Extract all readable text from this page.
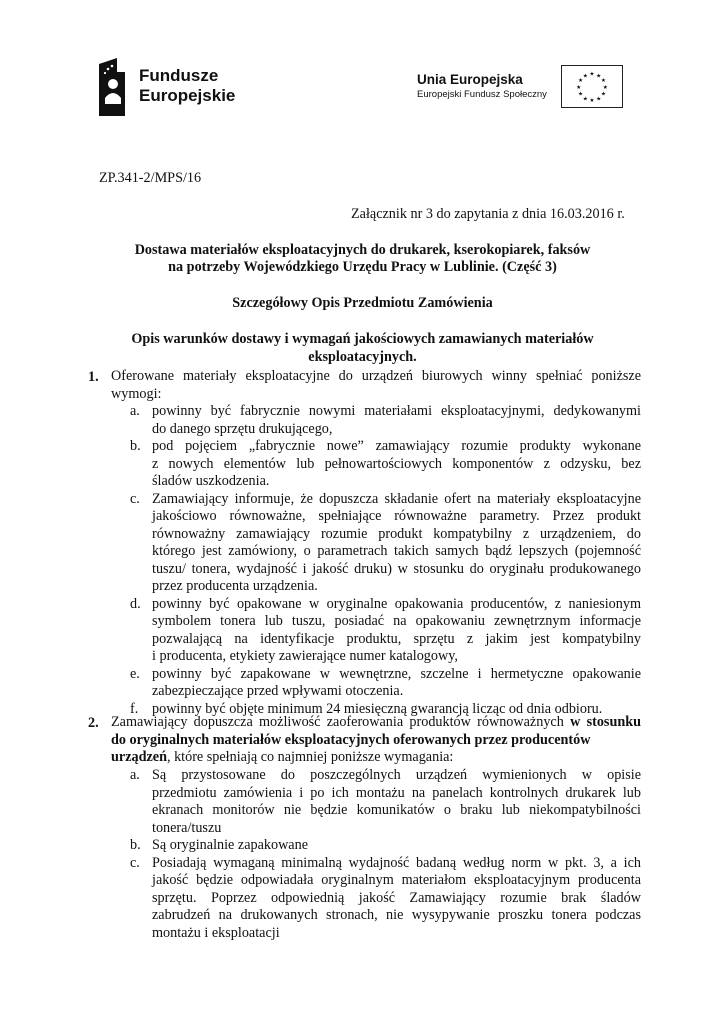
Fundusze
Europejskie
Unia Europejska
Europejski Fundusz Społeczny
★ ★
★
★
★
★
★
★
★
★
★
★
ZP.341-2/MPS/16
Załącznik nr 3 do zapytania z dnia 16.03.2016 r.
Dostawa materiałów eksploatacyjnych do drukarek, kserokopiarek, faksów
na potrzeby Wojewódzkiego Urzędu Pracy w Lublinie. (Część 3)
Szczegółowy Opis Przedmiotu Zamówienia
Opis warunków dostawy i wymagań jakościowych zamawianych materiałów
eksploatacyjnych.
1. Oferowane materiały eksploatacyjne do urządzeń biurowych winny spełniać poniższe

wymogi:

a. powinny być fabrycznie nowymi materiałami eksploatacyjnymi, dedykowanymi

do danego sprzętu drukującego,

b. pod pojęciem „fabrycznie nowe” zamawiający rozumie produkty wykonane

z nowych elementów lub pełnowartościowych komponentów z odzysku, bez

śladów uszkodzenia.

c. Zamawiający informuje, że dopuszcza składanie ofert na materiały eksploatacyjne

jakościowo równoważne, spełniające równoważne parametry. Przez produkt

równoważny zamawiający rozumie produkt kompatybilny z urządzeniem, do

którego jest zamówiony, o parametrach takich samych bądź lepszych (pojemność

tuszu/ tonera, wydajność i jakość druku) w stosunku do oryginału produkowanego

przez producenta urządzenia.

d. powinny być opakowane w oryginalne opakowania producentów, z naniesionym

symbolem tonera lub tuszu, posiadać na opakowaniu zewnętrznym informacje

pozwalającą na identyfikacje produktu, sprzętu z jakim jest kompatybilny

i producenta, etykiety zawierające numer katalogowy,

e. powinny być zapakowane w wewnętrzne, szczelne i hermetyczne opakowanie

zabezpieczające przed wpływami otoczenia.

f. powinny być objęte minimum 24 miesięczną gwarancją licząc od dnia odbioru.

2. Zamawiający dopuszcza możliwość zaoferowania produktów równoważnych w stosunku

do oryginalnych materiałów eksploatacyjnych oferowanych przez producentów

urządzeń, które spełniają co najmniej poniższe wymagania:

a. Są przystosowane do poszczególnych urządzeń wymienionych w opisie

przedmiotu zamówienia i po ich montażu na panelach kontrolnych drukarek lub

ekranach monitorów nie będzie komunikatów o braku lub niekompatybilności

tonera/tuszu

b. Są oryginalnie zapakowane

c. Posiadają wymaganą minimalną wydajność badaną według norm w pkt. 3, a ich

jakość będzie odpowiadała oryginalnym materiałom eksploatacyjnym producenta

sprzętu. Poprzez odpowiednią jakość Zamawiający rozumie brak śladów

zabrudzeń na drukowanych stronach, nie wysypywanie proszku tonera podczas

montażu i eksploatacji
